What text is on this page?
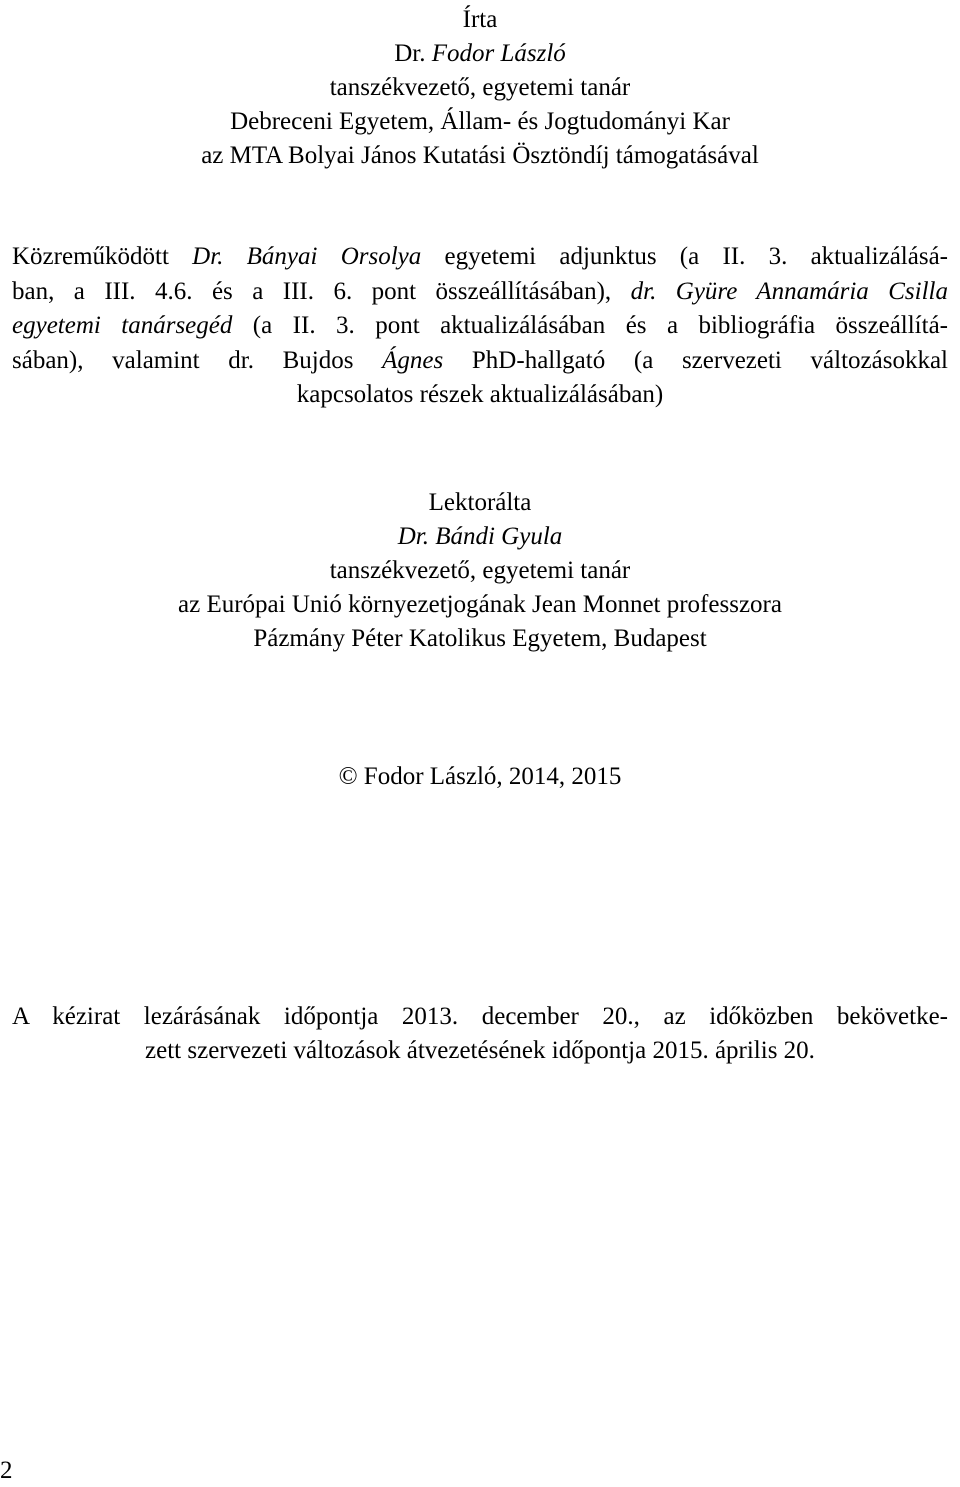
Írta
Dr. Fodor László
tanszékvezető, egyetemi tanár
Debreceni Egyetem, Állam- és Jogtudományi Kar
az MTA Bolyai János Kutatási Ösztöndíj támogatásával
Közreműködött Dr. Bányai Orsolya egyetemi adjunktus (a II. 3. aktualizálásá-
ban, a III. 4.6. és a III. 6. pont összeállításában), dr. Gyüre Annamária Csilla
egyetemi tanársegéd (a II. 3. pont aktualizálásában és a bibliográfia összeállítá-
sában), valamint dr. Bujdos Ágnes PhD-hallgató (a szervezeti változásokkal
kapcsolatos részek aktualizálásában)
Lektorálta
Dr. Bándi Gyula
tanszékvezető, egyetemi tanár
az Európai Unió környezetjogának Jean Monnet professzora
Pázmány Péter Katolikus Egyetem, Budapest
© Fodor László, 2014, 2015
A kézirat lezárásának időpontja 2013. december 20., az időközben bekövetke-
zett szervezeti változások átvezetésének időpontja 2015. április 20.
2
